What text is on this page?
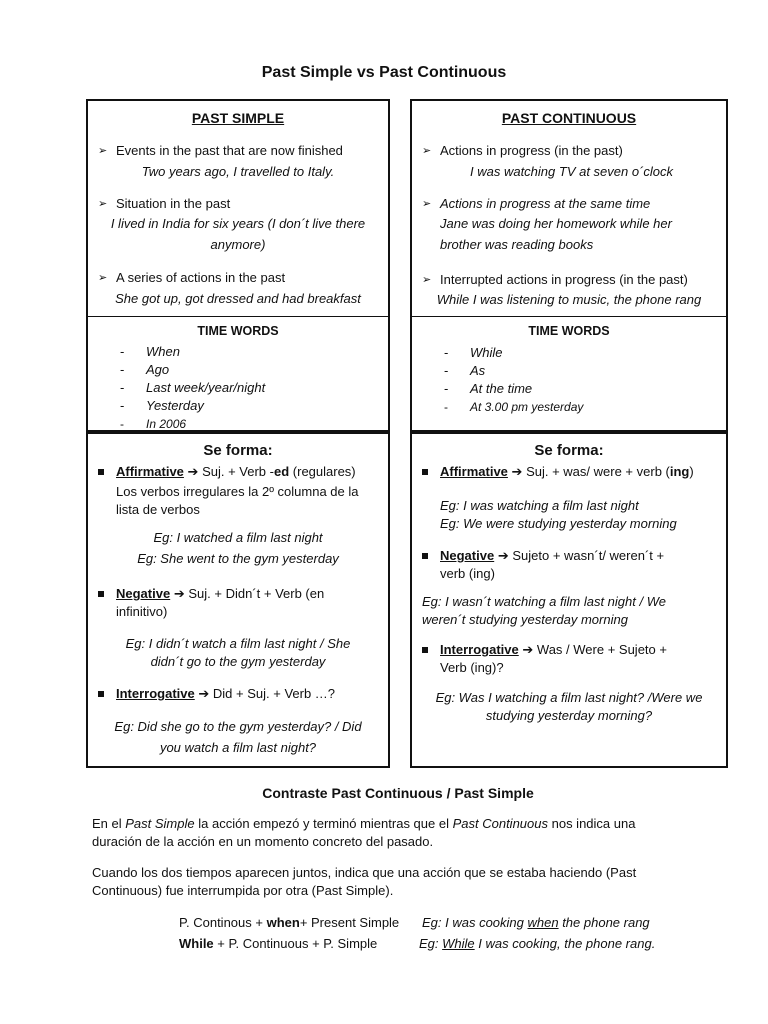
Past Simple vs Past Continuous
PAST SIMPLE
➢ Events in the past that are now finished
Two years ago, I travelled to Italy.
➢ Situation in the past
I lived in India for six years (I don´t live there
anymore)
➢ A series of actions in the past
She got up, got dressed and had breakfast
TIME WORDS
-	When
-	Ago
-	Last week/year/night
-	Yesterday
-	In 2006
PAST CONTINUOUS
➢ Actions in progress (in the past)
I was watching TV at seven o´clock
➢ Actions in progress at the same time
Jane was doing her homework while her
brother was reading books
➢ Interrupted actions in progress (in the past)
While I was listening to music, the phone rang
TIME WORDS
-	While
-	As
-	At the time
-	At 3.00 pm yesterday
Se forma:
Affirmative ➔ Suj. + Verb -ed (regulares)
Los verbos irregulares la 2º columna de la
lista de verbos
Eg: I watched a film last night
Eg: She went to the gym yesterday
Negative ➔ Suj. + Didn´t + Verb (en
infinitivo)
Eg: I didn´t watch a film last night / She
didn´t go to the gym yesterday
Interrogative ➔ Did + Suj. + Verb …?
Eg: Did she go to the gym yesterday? / Did
you watch a film last night?
Se forma:
Affirmative ➔ Suj. + was/ were + verb (ing)
Eg: I was watching a film last night
Eg: We were studying yesterday morning
Negative ➔ Sujeto + wasn´t/ weren´t +
verb (ing)
Eg: I wasn´t watching a film last night / We
weren´t studying yesterday morning
Interrogative ➔ Was / Were + Sujeto +
Verb (ing)?
Eg: Was I watching a film last night? /Were we
studying yesterday morning?
Contraste Past Continuous / Past Simple
En el Past Simple la acción empezó y terminó mientras que el Past Continuous nos indica una
duración de la acción en un momento concreto del pasado.
Cuando los dos tiempos aparecen juntos, indica que una acción que se estaba haciendo (Past
Continuous) fue interrumpida por otra (Past Simple).
P. Continous + when+ Present Simple	Eg: I was cooking when the phone rang
While + P. Continuous + P. Simple	Eg: While I was cooking, the phone rang.
